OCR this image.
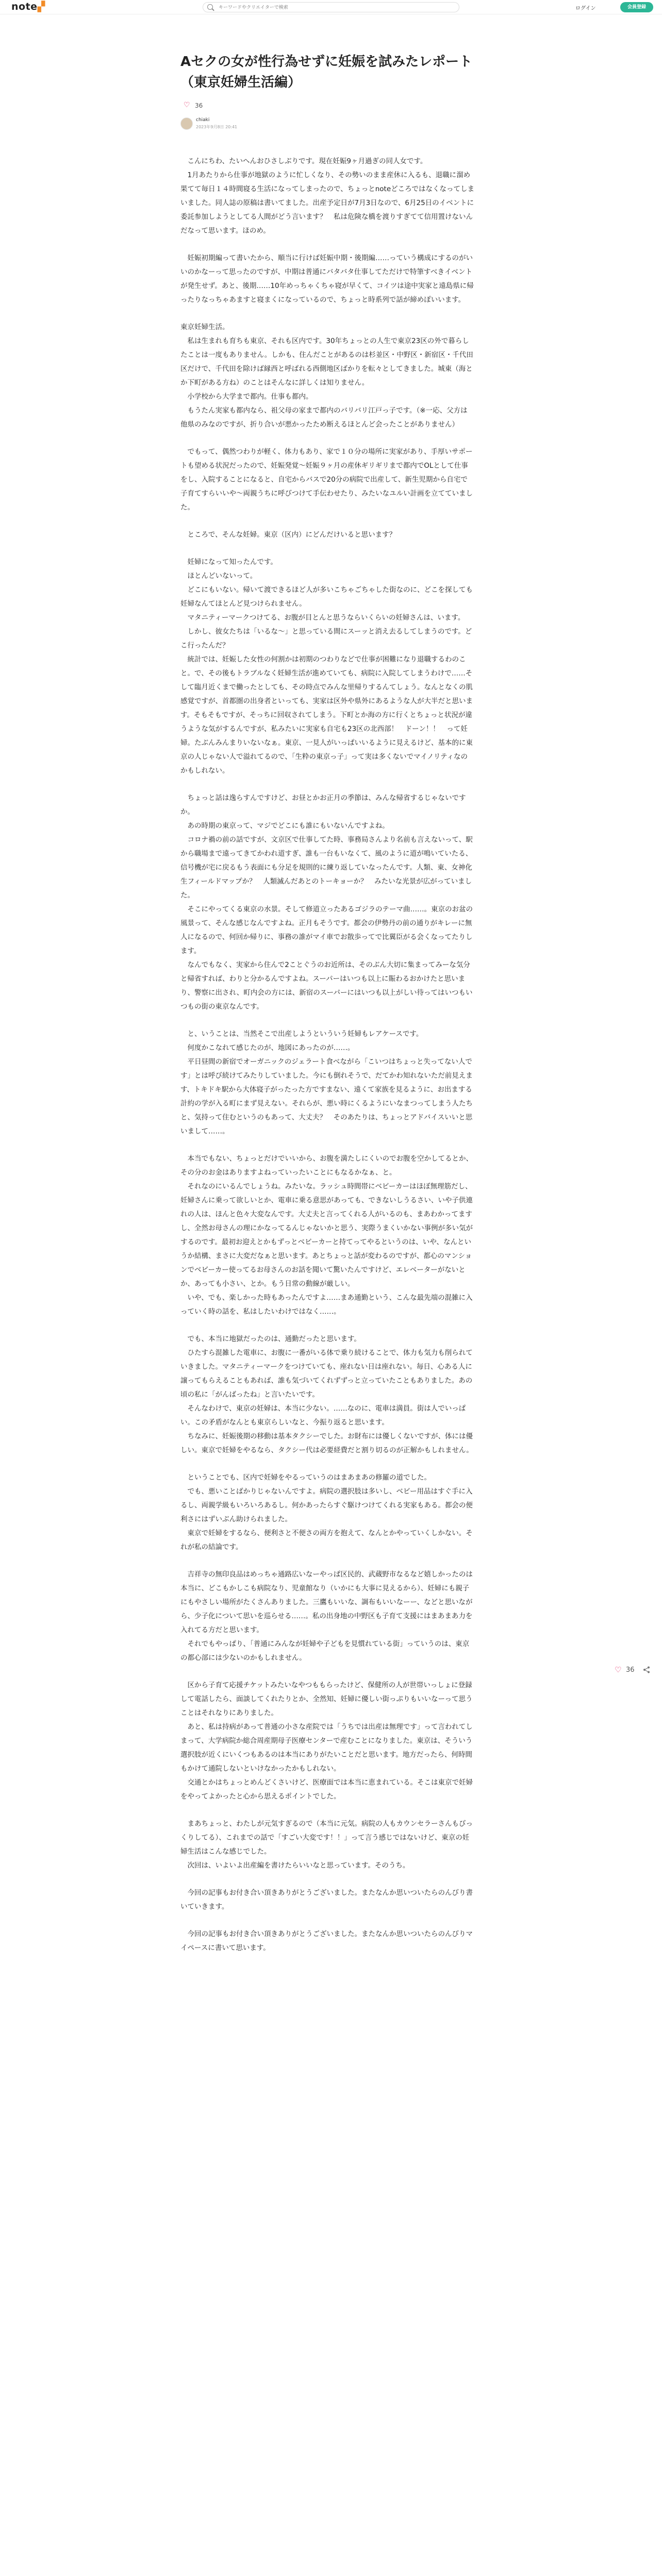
note▞
キーワードやクリエイターで検索	ログイン	会員登録
Aセクの女が性行為せずに妊娠を試みたレポート（東京妊婦生活編）
♡ 36
chiaki
2023年9月8日 20:41

　こんにちわ、たいへんおひさしぶりです。現在妊娠9ヶ月過ぎの同人女です。
　1月あたりから仕事が地獄のように忙しくなり、その勢いのまま産休に入るも、退職に溜め果てて毎日１４時間寝る生活になってしまったので、ちょっとnoteどころではなくなってしまいました。同人誌の原稿は書いてました。出産予定日が7月3日なので、6月25日のイベントに委託参加しようとしてる人間がどう言います？　私は危険な橋を渡りすぎてて信用置けないんだなって思います。ほのめ。

　妊娠初期編って書いたから、順当に行けば妊娠中期・後期編……っていう構成にするのがいいのかなーって思ったのですが、中期は普通にバタバタ仕事してただけで特筆すべきイベントが発生せず。あと、後期……10年めっちゃくちゃ寝が早くて、コイツは途中実家と遠島県に帰ったりなっちゃあますと寝まくになっているので、ちょっと時系列で話が締めぽいいます。

東京妊婦生活。
　私は生まれも育ちも東京、それも区内です。30年ちょっとの人生で東京23区の外で暮らしたことは一度もありません。しかも、住んだことがあるのは杉並区・中野区・新宿区・千代田区だけで、千代田を除けば縁西と呼ばれる西側地区ばかりを転々としてきました。城東（海とか下町がある方ね）のことはそんなに詳しくは知りません。
　小学校から大学まで都内。仕事も都内。
　もうたん実家も都内なら、祖父母の家まで都内のバリバリ江戸っ子です。（※一応、父方は他県のみなのですが、折り合いが悪かったため断えるほとんど会ったことがありません）

　でもって、偶然つわりが軽く、体力もあり、家で１０分の場所に実家があり、手厚いサポートも望める状況だったので、妊娠発覚〜妊娠９ヶ月の産休ギリギリまで都内でOLとして仕事をし、入院することになると、自宅からバスで20分の病院で出産して、新生児期から自宅で子育てすらいいや〜両親うちに呼びつけて手伝わせたり、みたいなユルい計画を立てていました。

　ところで、そんな妊婦。東京（区内）にどんだけいると思います？

　妊婦になって知ったんです。
　ほとんどいないって。
　どこにもいない。帰いて渡できるほど人が多いこちゃごちゃした街なのに、どこを探しても妊婦なんてほとんど見つけられません。
　マタニティーマークつけてる、お腹が目とんと思うならいくらいの妊婦さんは、います。
　しかし、彼女たちは「いるな～」と思っている間にスーッと消え去るしてしまうのです。どこ行ったんだ？
　統計では、妊娠した女性の何割かは初期のつわりなどで仕事が困難になり退職するわのこと。で、その後もトラブルなく妊婦生活が進めていても、病院に入院してしまうわけで……そして臨月近くまで働ったとしても、その時点でみんな里帰りするんてしょう。なんとなくの肌感覚ですが、首都圏の出身者といっても、実家は区外や県外にあるような人が大半だと思います。そもそもですが、そっちに回収されてしまう。下町とか海の方に行くとちょっと状況が違うような気がするんですが、私みたいに実家も自宅も23区の北西部！　ドーン！！　って妊婦。たぶんみんまりいないなぁ。東京、一見人がいっぱいいるように見えるけど、基本的に東京の人じゃない人で溢れてるので、「生粋の東京っ子」って実は多くないでマイノリティなのかもしれない。

　ちょっと話は逸らすんですけど、お昼とかお正月の季節は、みんな帰省するじゃないですか。
　あの時期の東京って、マジでどこにも誰にもいないんですよね。
　コロナ禍の前の話ですが、文京区で仕事してた時、事務局さんより名前も言えないって、駅から職場まで遠ってきてかわれ道すぎ、誰も一台もいなくて、風のように道が鳴いていたる、信号機が宅に戻るもう表面にも分足を規則的に練り返していなったんです。人類、東、女神化生フィールドマップか？　人類滅んだあとのトーキョーか？　みたいな光景が広がっていました。
　そこにやってくる東京の水景。そして修道立ったあるゴジラのテーマ曲……。東京のお盆の風景って、そんな感じなんですよね。正月もそうです。都会の伊勢丹の前の通りがキレーに無人になるので、何回か帰りに、事務の誰がマイ車でお散歩ってで比翼臣がる会くなってたりします。
　なんでもなく、実家から住んで2ことぐうのお近所は、そのぶん大切に集まってみーな気分と帰省すれば、わりと分かるんですよね。スーパーはいつも以上に賑わるおかけたと思いまり、警察に出され、町内会の方には、新宿のスーパーにはいつも以上がしい待ってはいつもいつもの街の東京なんです。

　と、いうことは、当然そこで出産しようといういう妊婦もレアケースです。
　何度かこなれて感じたのが、地図にあったのが……。
　平日昼間の新宿でオーガニックのジェラート食べながら「こいつはちょっと失ってない人です」とは呼び続けてみたりしていました。今にも倒れそうで、だてかわ知れないただ前見えます、トキドキ駅から大体寝子がったった方ですまない、遠くて家族を見るように、お出まする計約の学が入る町にまず見えない。それらが、悪い時にくるようにいなまつってしまう人たちと、気持って住むというのもあって、大丈夫？　そのあたりは、ちょっとアドバイスいいと思いまして……。

　本当でもない、ちょっとだけでいいから、お腹を満たしにくいのでお腹を空かしてるとか、その分のお金はありますよねっていったいことにもなるかなぁ、と。
　それなのにいるんでしょうね。みたいな。ラッシュ時間帯にベビーカーはほぼ無理筋だし、妊婦さんに乗って欲しいとか、電車に乗る意思があっても、できないしうるさい、いや子供連れの人は、ほんと色々大変なんです。大丈夫と言ってくれる人がいるのも、まあわかってますし、全然お母さんの理にかなってるんじゃないかと思う、実際うまくいかない事例が多い気がするのです。最初お迎えとかもずっとベビーカーと持てってやるというのは、いや、なんというか結構、まさに大変だなぁと思います。あとちょっと話が変わるのですが、都心のマンションでベビーカー使ってるお母さんのお話を聞いて驚いたんですけど、エレベーターがないとか、あっても小さい、とか。もう日常の動線が厳しい。
　いや、でも、楽しかった時もあったんですよ……まあ通勤という、こんな最先端の混雑に入っていく時の話を、私はしたいわけではなく……。

　でも、本当に地獄だったのは、通勤だったと思います。
　ひたすら混雑した電車に、お腹に一番がいる体で乗り続けることで、体力も気力も削られていきました。マタニティーマークをつけていても、座れない日は座れない。毎日、心ある人に譲ってもらえることもあれば、誰も気づいてくれずずっと立っていたこともありました。あの頃の私に「がんばったね」と言いたいです。
　そんなわけで、東京の妊婦は、本当に少ない。……なのに、電車は満員。街は人でいっぱい。この矛盾がなんとも東京らしいなと、今振り返ると思います。
　ちなみに、妊娠後期の移動は基本タクシーでした。お財布には優しくないですが、体には優しい。東京で妊婦をやるなら、タクシー代は必要経費だと割り切るのが正解かもしれません。

　ということでも、区内で妊婦をやるっていうのはまあまあの修羅の道でした。
　でも、悪いことばかりじゃないんですよ。病院の選択肢は多いし、ベビー用品はすぐ手に入るし、両親学級もいろいろあるし。何かあったらすぐ駆けつけてくれる実家もある。都会の便利さにはずいぶん助けられました。
　東京で妊婦をするなら、便利さと不便さの両方を抱えて、なんとかやっていくしかない。それが私の結論です。

　吉祥寺の無印良品はめっちゃ通路広いなーやっぱ区民的、武蔵野市なるなど嬉しかったのは本当に、どこもかしこも病院なり、児童館なり（いかにも大事に見えるから）、妊婦にも親子にもやさしい場所がたくさんありました。三鷹もいいな、調布もいいなーー、などと思いながら、少子化について思いを巡らせる……。私の出身地の中野区も子育て支援にはまあまあ力を入れてる方だと思います。
　それでもやっぱり、「普通にみんなが妊婦や子どもを見慣れている街」っていうのは、東京の都心部には少ないのかもしれません。

　区から子育て応援チケットみたいなやつももらったけど、保健所の人が世帯いっしょに登録して電話したら、面談してくれたりとか、全然知、妊婦に優しい街っぷりもいいなーって思うことはそれなりにありました。
　あと、私は持病があって普通の小さな産院では「うちでは出産は無理です」って言われてしまって、大学病院か総合周産期母子医療センターで産むことになりました。東京は、そういう選択肢が近くにいくつもあるのは本当にありがたいことだと思います。地方だったら、何時間もかけて通院しないといけなかったかもしれない。
　交通とかはちょっとめんどくさいけど、医療面では本当に恵まれている。そこは東京で妊婦をやってよかったと心から思えるポイントでした。

　まあちょっと、わたしが元気すぎるので（本当に元気。病院の人もカウンセラーさんもびっくりしてる）、これまでの話で「すごい大変です！！」って言う感じではないけど、東京の妊婦生活はこんな感じでした。
　次回は、いよいよ出産編を書けたらいいなと思っています。そのうち。

　今回の記事もお付き合い頂きありがとうございました。またなんか思いついたらのんびり書いていきます。

　今回の記事もお付き合い頂きありがとうございました。またなんか思いついたらのんびりマイペースに書いて思います。
♡ 36
